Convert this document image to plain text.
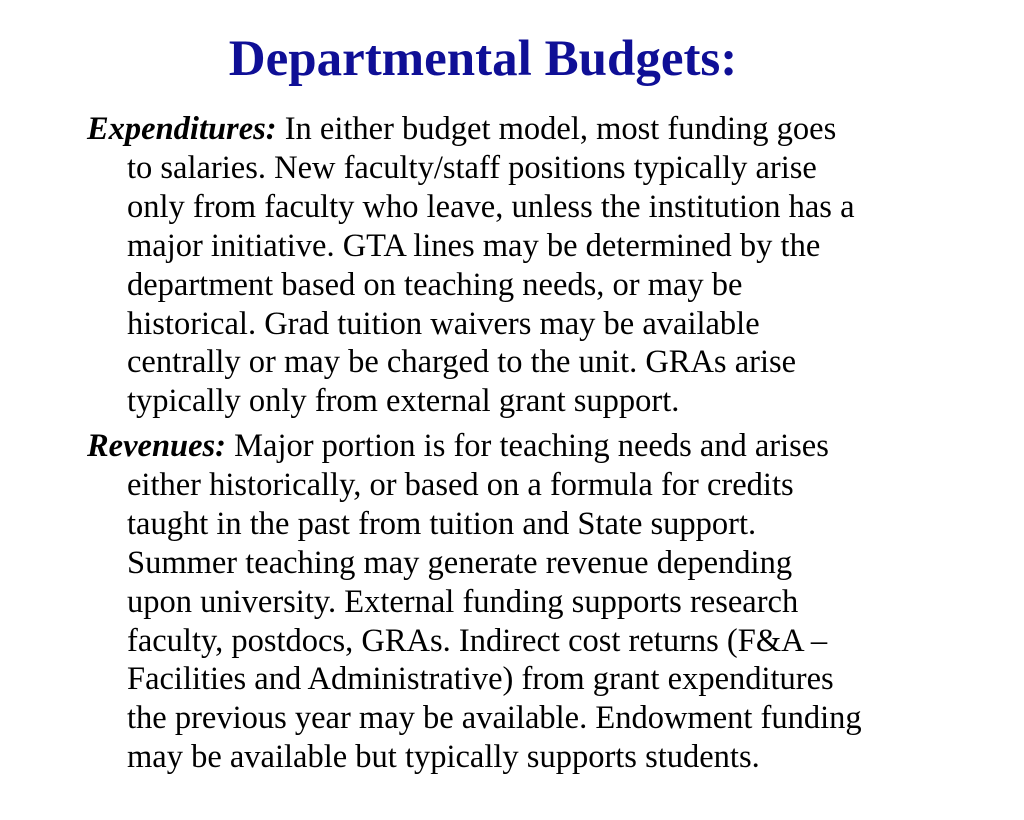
Departmental Budgets:

Expenditures: In either budget model, most funding goes
to salaries. New faculty/staff positions typically arise
only from faculty who leave, unless the institution has a
major initiative. GTA lines may be determined by the
department based on teaching needs, or may be
historical. Grad tuition waivers may be available
centrally or may be charged to the unit. GRAs arise
typically only from external grant support.

Revenues: Major portion is for teaching needs and arises
either historically, or based on a formula for credits
taught in the past from tuition and State support.
Summer teaching may generate revenue depending
upon university. External funding supports research
faculty, postdocs, GRAs. Indirect cost returns (F&A –
Facilities and Administrative) from grant expenditures
the previous year may be available. Endowment funding
may be available but typically supports students.
